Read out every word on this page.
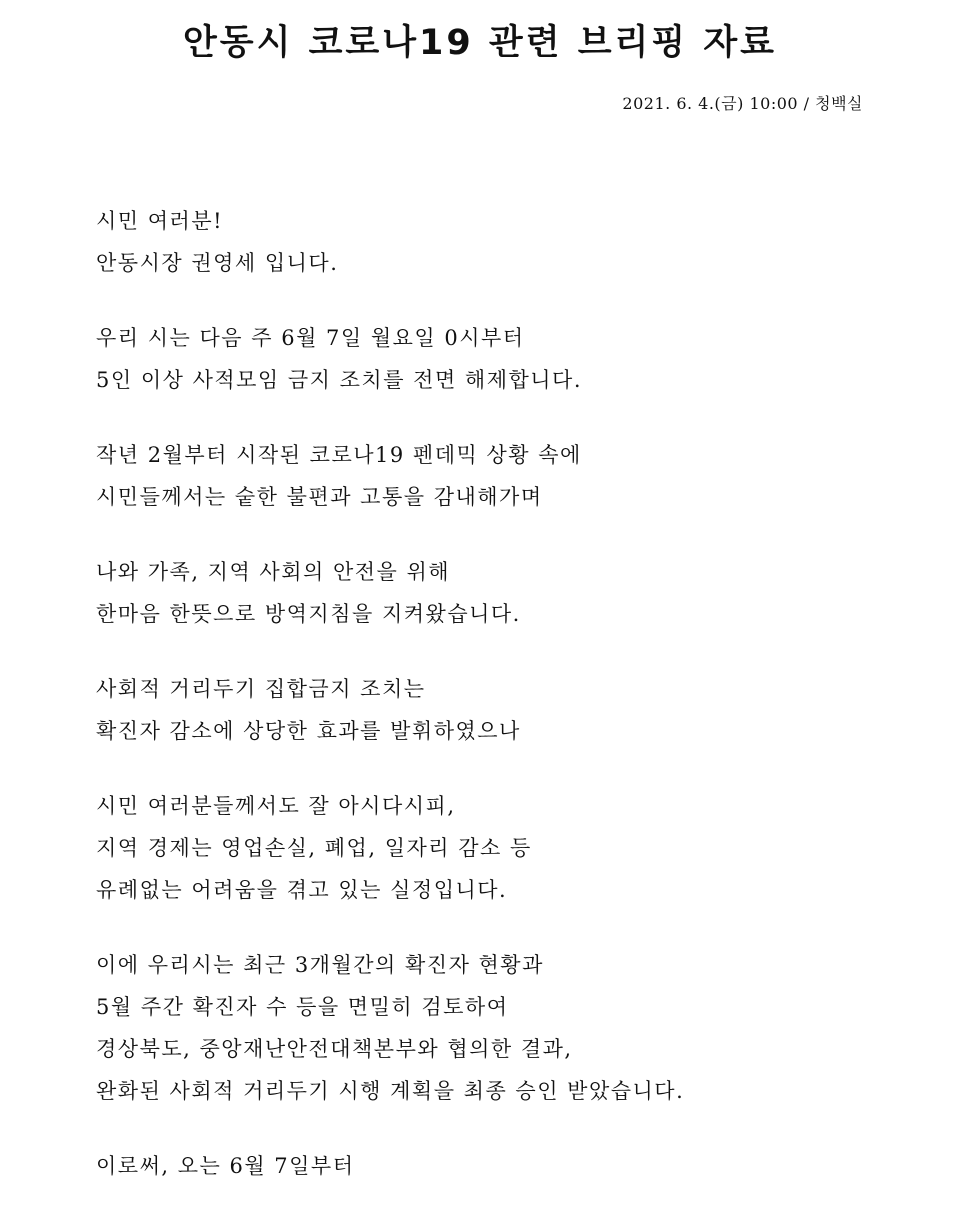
안동시 코로나19 관련 브리핑 자료
2021. 6. 4.(금) 10:00 / 청백실
시민 여러분!
안동시장 권영세 입니다.
우리 시는 다음 주 6월 7일 월요일 0시부터
5인 이상 사적모임 금지 조치를 전면 해제합니다.
작년 2월부터 시작된 코로나19 펜데믹 상황 속에
시민들께서는 숱한 불편과 고통을 감내해가며
나와 가족, 지역 사회의 안전을 위해
한마음 한뜻으로 방역지침을 지켜왔습니다.
사회적 거리두기 집합금지 조치는
확진자 감소에 상당한 효과를 발휘하였으나
시민 여러분들께서도 잘 아시다시피,
지역 경제는 영업손실, 폐업, 일자리 감소 등
유례없는 어려움을 겪고 있는 실정입니다.
이에 우리시는 최근 3개월간의 확진자 현황과
5월 주간 확진자 수 등을 면밀히 검토하여
경상북도, 중앙재난안전대책본부와 협의한 결과,
완화된 사회적 거리두기 시행 계획을 최종 승인 받았습니다.
이로써, 오는 6월 7일부터
